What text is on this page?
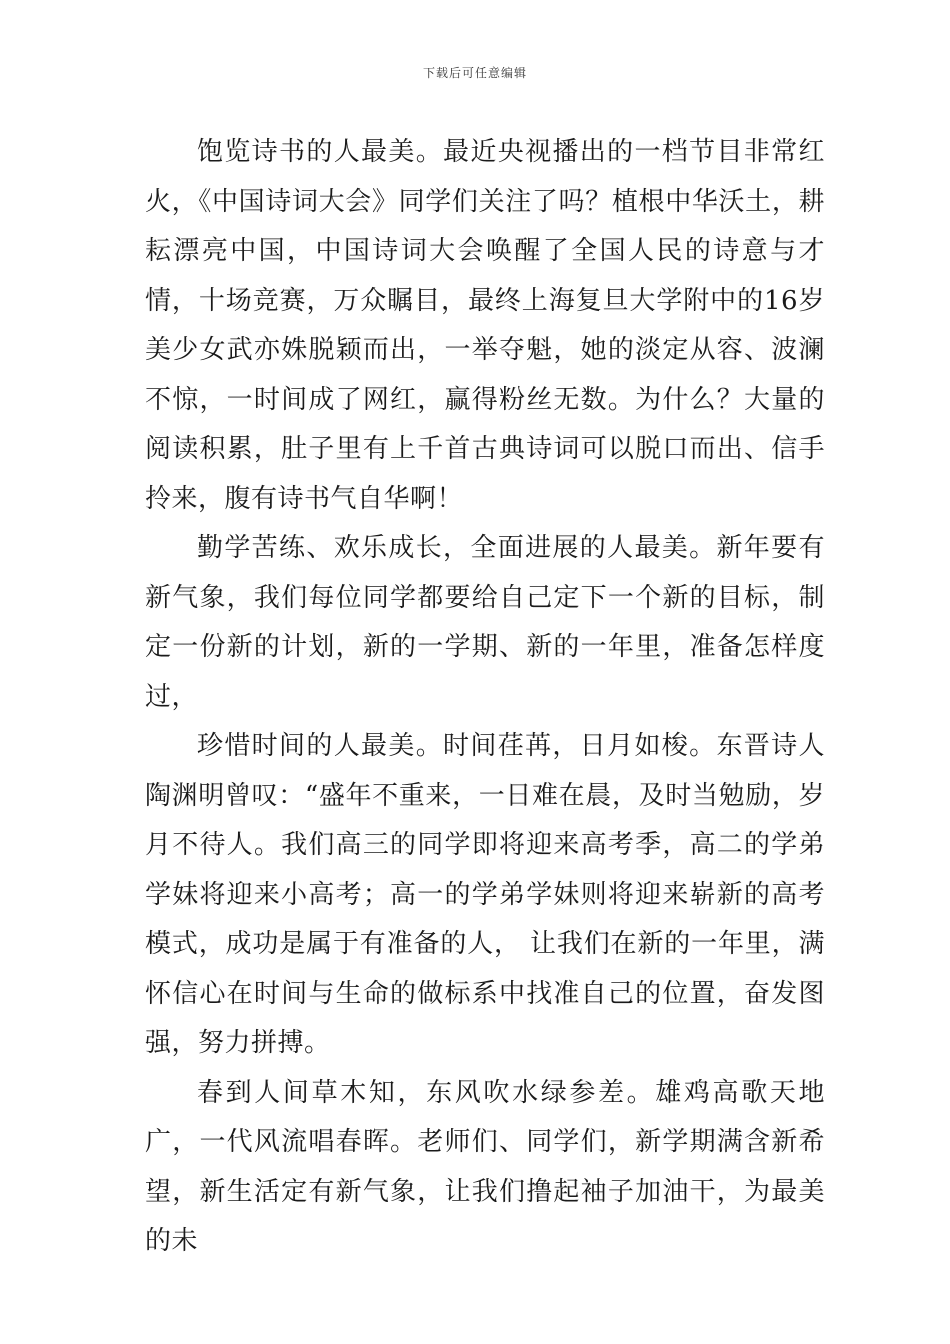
下载后可任意编辑

饱览诗书的人最美。最近央视播出的一档节目非常红火，《中国诗词大会》同学们关注了吗？植根中华沃土，耕耘漂亮中国，中国诗词大会唤醒了全国人民的诗意与才情，十场竞赛，万众瞩目，最终上海复旦大学附中的16岁美少女武亦姝脱颖而出，一举夺魁，她的淡定从容、波澜不惊，一时间成了网红，赢得粉丝无数。为什么？大量的阅读积累，肚子里有上千首古典诗词可以脱口而出、信手拎来，腹有诗书气自华啊！

勤学苦练、欢乐成长，全面进展的人最美。新年要有新气象，我们每位同学都要给自己定下一个新的目标，制定一份新的计划，新的一学期、新的一年里，准备怎样度过，

珍惜时间的人最美。时间荏苒，日月如梭。东晋诗人陶渊明曾叹：“盛年不重来，一日难在晨，及时当勉励，岁月不待人。我们高三的同学即将迎来高考季，高二的学弟学妹将迎来小高考；高一的学弟学妹则将迎来崭新的高考模式，成功是属于有准备的人， 让我们在新的一年里，满怀信心在时间与生命的做标系中找准自己的位置，奋发图强，努力拼搏。

春到人间草木知，东风吹水绿参差。雄鸡高歌天地广，一代风流唱春晖。老师们、同学们，新学期满含新希望，新生活定有新气象，让我们撸起袖子加油干，为最美的未
